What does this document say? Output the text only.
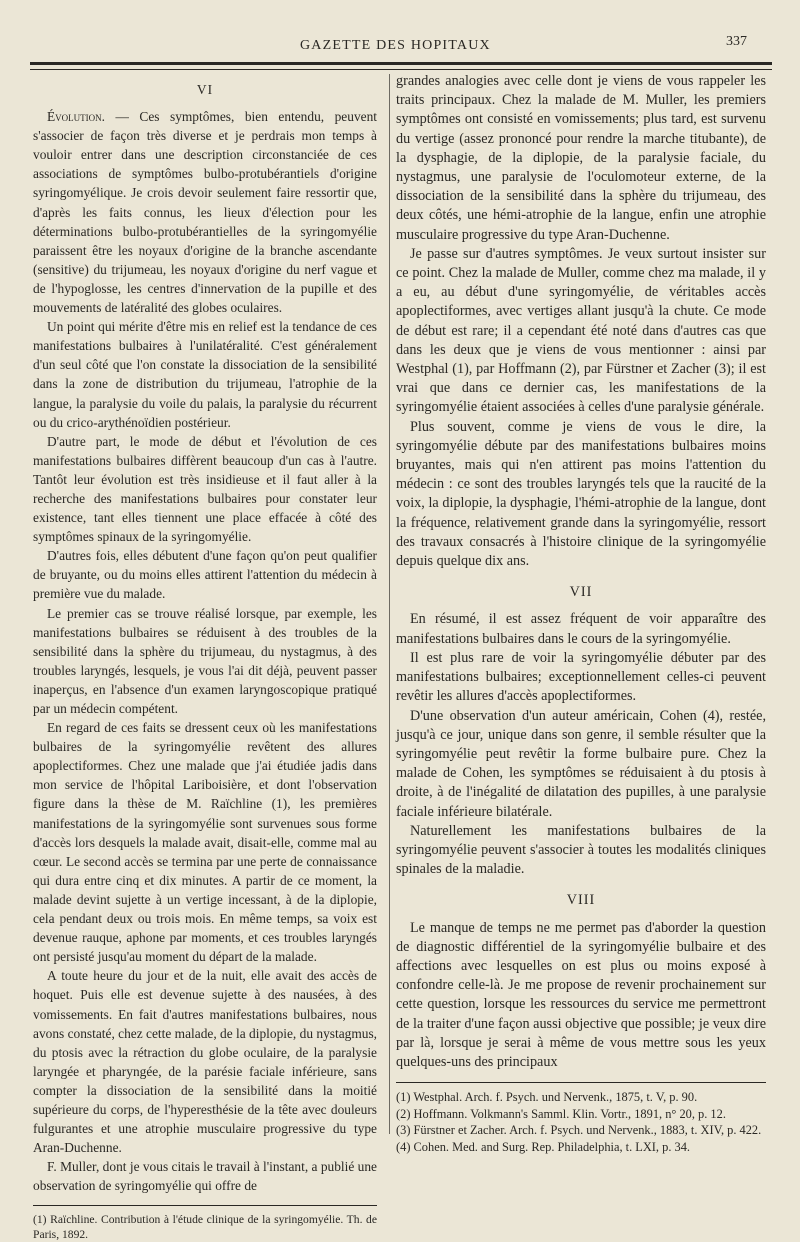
GAZETTE DES HOPITAUX	337
VI

Évolution. — Ces symptômes, bien entendu, peuvent s'associer de façon très diverse et je perdrais mon temps à vouloir entrer dans une description circonstanciée de ces associations de symptômes bulbo-protubérantiels d'origine syringomyélique. Je crois devoir seulement faire ressortir que, d'après les faits connus, les lieux d'élection pour les déterminations bulbo-protubérantielles de la syringomyélie paraissent être les noyaux d'origine de la branche ascendante (sensitive) du trijumeau, les noyaux d'origine du nerf vague et de l'hypoglosse, les centres d'innervation de la pupille et des mouvements de latéralité des globes oculaires.

Un point qui mérite d'être mis en relief est la tendance de ces manifestations bulbaires à l'unilatéralité. C'est généralement d'un seul côté que l'on constate la dissociation de la sensibilité dans la zone de distribution du trijumeau, l'atrophie de la langue, la paralysie du voile du palais, la paralysie du récurrent ou du crico-arythénoïdien postérieur.

D'autre part, le mode de début et l'évolution de ces manifestations bulbaires diffèrent beaucoup d'un cas à l'autre. Tantôt leur évolution est très insidieuse et il faut aller à la recherche des manifestations bulbaires pour constater leur existence, tant elles tiennent une place effacée à côté des symptômes spinaux de la syringomyélie.

D'autres fois, elles débutent d'une façon qu'on peut qualifier de bruyante, ou du moins elles attirent l'attention du médecin à première vue du malade.

Le premier cas se trouve réalisé lorsque, par exemple, les manifestations bulbaires se réduisent à des troubles de la sensibilité dans la sphère du trijumeau, du nystagmus, à des troubles laryngés, lesquels, je vous l'ai dit déjà, peuvent passer inaperçus, en l'absence d'un examen laryngoscopique pratiqué par un médecin compétent.

En regard de ces faits se dressent ceux où les manifestations bulbaires de la syringomyélie revêtent des allures apoplectiformes. Chez une malade que j'ai étudiée jadis dans mon service de l'hôpital Lariboisière, et dont l'observation figure dans la thèse de M. Raïchline (1), les premières manifestations de la syringomyélie sont survenues sous forme d'accès lors desquels la malade avait, disait-elle, comme mal au cœur. Le second accès se termina par une perte de connaissance qui dura entre cinq et dix minutes. A partir de ce moment, la malade devint sujette à un vertige incessant, à de la diplopie, cela pendant deux ou trois mois. En même temps, sa voix est devenue rauque, aphone par moments, et ces troubles laryngés ont persisté jusqu'au moment du départ de la malade.

A toute heure du jour et de la nuit, elle avait des accès de hoquet. Puis elle est devenue sujette à des nausées, à des vomissements. En fait d'autres manifestations bulbaires, nous avons constaté, chez cette malade, de la diplopie, du nystagmus, du ptosis avec la rétraction du globe oculaire, de la paralysie laryngée et pharyngée, de la parésie faciale inférieure, sans compter la dissociation de la sensibilité dans la moitié supérieure du corps, de l'hyperesthésie de la tête avec douleurs fulgurantes et une atrophie musculaire progressive du type Aran-Duchenne.

F. Muller, dont je vous citais le travail à l'instant, a publié une observation de syringomyélie qui offre de

(1) Raïchline. Contribution à l'étude clinique de la syringomyélie. Th. de Paris, 1892.

grandes analogies avec celle dont je viens de vous rappeler les traits principaux. Chez la malade de M. Muller, les premiers symptômes ont consisté en vomissements; plus tard, est survenu du vertige (assez prononcé pour rendre la marche titubante), de la dysphagie, de la diplopie, de la paralysie faciale, du nystagmus, une paralysie de l'oculomoteur externe, de la dissociation de la sensibilité dans la sphère du trijumeau, des deux côtés, une hémi-atrophie de la langue, enfin une atrophie musculaire progressive du type Aran-Duchenne.

Je passe sur d'autres symptômes. Je veux surtout insister sur ce point. Chez la malade de Muller, comme chez ma malade, il y a eu, au début d'une syringomyélie, de véritables accès apoplectiformes, avec vertiges allant jusqu'à la chute. Ce mode de début est rare; il a cependant été noté dans d'autres cas que dans les deux que je viens de vous mentionner : ainsi par Westphal (1), par Hoffmann (2), par Fürstner et Zacher (3); il est vrai que dans ce dernier cas, les manifestations de la syringomyélie étaient associées à celles d'une paralysie générale.

Plus souvent, comme je viens de vous le dire, la syringomyélie débute par des manifestations bulbaires moins bruyantes, mais qui n'en attirent pas moins l'attention du médecin : ce sont des troubles laryngés tels que la raucité de la voix, la diplopie, la dysphagie, l'hémi-atrophie de la langue, dont la fréquence, relativement grande dans la syringomyélie, ressort des travaux consacrés à l'histoire clinique de la syringomyélie depuis quelque dix ans.

VII

En résumé, il est assez fréquent de voir apparaître des manifestations bulbaires dans le cours de la syringomyélie.

Il est plus rare de voir la syringomyélie débuter par des manifestations bulbaires; exceptionnellement celles-ci peuvent revêtir les allures d'accès apoplectiformes.

D'une observation d'un auteur américain, Cohen (4), restée, jusqu'à ce jour, unique dans son genre, il semble résulter que la syringomyélie peut revêtir la forme bulbaire pure. Chez la malade de Cohen, les symptômes se réduisaient à du ptosis à droite, à de l'inégalité de dilatation des pupilles, à une paralysie faciale inférieure bilatérale.

Naturellement les manifestations bulbaires de la syringomyélie peuvent s'associer à toutes les modalités cliniques spinales de la maladie.

VIII

Le manque de temps ne me permet pas d'aborder la question de diagnostic différentiel de la syringomyélie bulbaire et des affections avec lesquelles on est plus ou moins exposé à confondre celle-là. Je me propose de revenir prochainement sur cette question, lorsque les ressources du service me permettront de la traiter d'une façon aussi objective que possible; je veux dire par là, lorsque je serai à même de vous mettre sous les yeux quelques-uns des principaux

(1) Westphal. Arch. f. Psych. und Nervenk., 1875, t. V, p. 90.

(2) Hoffmann. Volkmann's Samml. Klin. Vortr., 1891, n° 20, p. 12.

(3) Fürstner et Zacher. Arch. f. Psych. und Nervenk., 1883, t. XIV, p. 422.

(4) Cohen. Med. and Surg. Rep. Philadelphia, t. LXI, p. 34.
